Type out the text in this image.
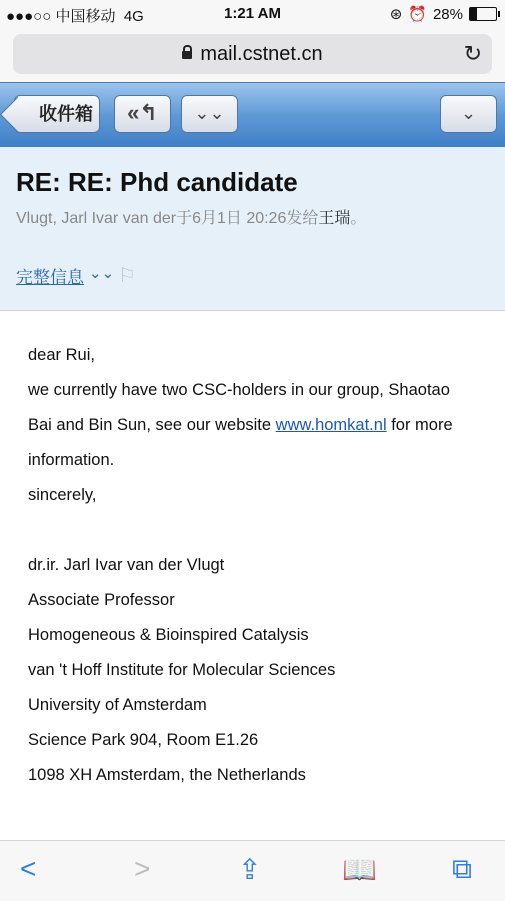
●●●○○ 中国移动 4G	1:21 AM	⊛ ⏰ 28%
mail.cstnet.cn	↻
收件箱	«↰	⌄⌄	⌄
RE: RE: Phd candidate
Vlugt, Jarl Ivar van der于6月1日 20:26发给王瑞。
完整信息 ⌄⌄ ⚐
dear Rui,
we currently have two CSC-holders in our group, Shaotao
Bai and Bin Sun, see our website www.homkat.nl for more
information.
sincerely,
dr.ir. Jarl Ivar van der Vlugt
Associate Professor
Homogeneous & Bioinspired Catalysis
van 't Hoff Institute for Molecular Sciences
University of Amsterdam
Science Park 904, Room E1.26
1098 XH Amsterdam, the Netherlands
<	>	⇪	📖	⧉
